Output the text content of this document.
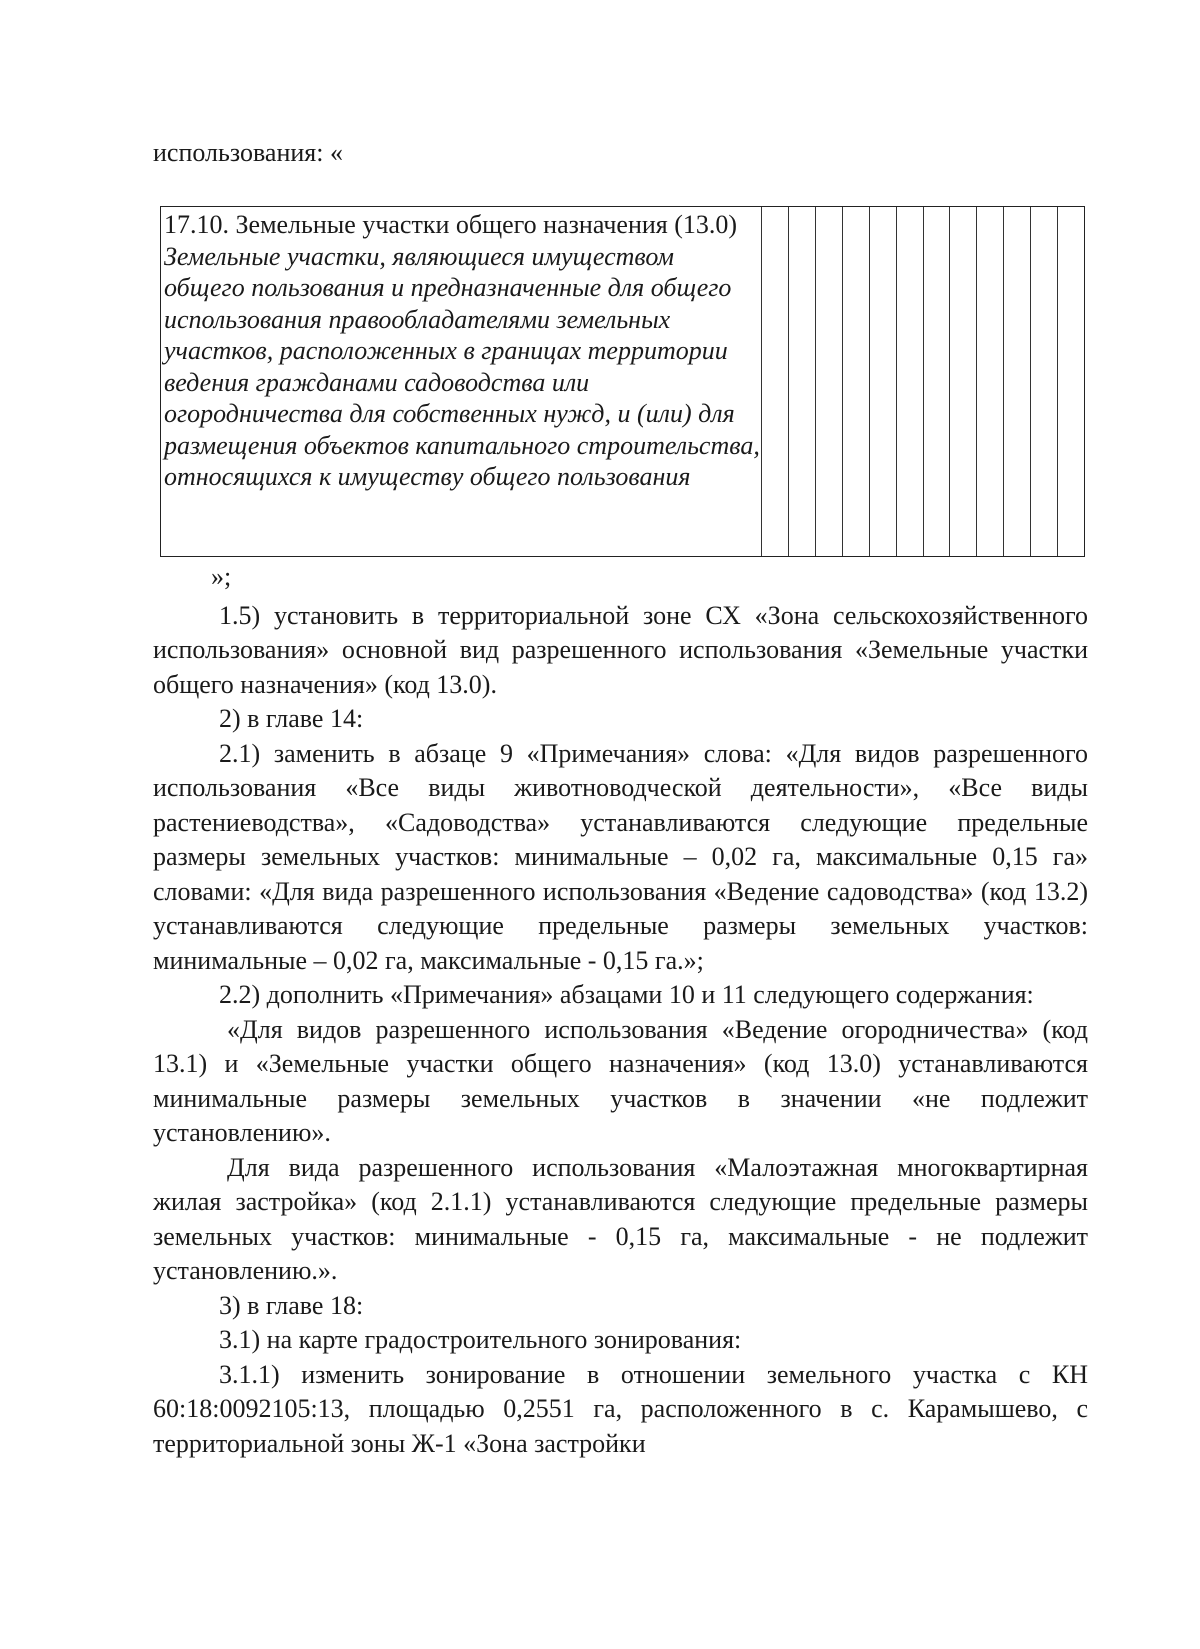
использования: «

17.10. Земельные участки общего назначения (13.0)
Земельные участки, являющиеся имуществом общего пользования и предназначенные для общего использования правообладателями земельных участков, расположенных в границах территории ведения гражданами садоводства или огородничества для собственных нужд, и (или) для размещения объектов капитального строительства, относящихся к имуществу общего пользования

»;

1.5) установить в территориальной зоне СХ «Зона сельскохозяйственного использования» основной вид разрешенного использования «Земельные участки общего назначения» (код 13.0).

2) в главе 14:

2.1) заменить в абзаце 9 «Примечания» слова: «Для видов разрешенного использования «Все виды животноводческой деятельности», «Все виды растениеводства», «Садоводства» устанавливаются следующие предельные размеры земельных участков: минимальные – 0,02 га, максимальные 0,15 га» словами: «Для вида разрешенного использования «Ведение садоводства» (код 13.2) устанавливаются следующие предельные размеры земельных участков: минимальные – 0,02 га, максимальные - 0,15 га.»;

2.2) дополнить «Примечания» абзацами 10 и 11 следующего содержания:

«Для видов разрешенного использования «Ведение огородничества» (код 13.1) и «Земельные участки общего назначения» (код 13.0) устанавливаются минимальные размеры земельных участков в значении «не подлежит установлению».

Для вида разрешенного использования «Малоэтажная многоквартирная жилая застройка» (код 2.1.1) устанавливаются следующие предельные размеры земельных участков: минимальные - 0,15 га, максимальные - не подлежит установлению.».

3) в главе 18:

3.1) на карте градостроительного зонирования:

3.1.1) изменить зонирование в отношении земельного участка с КН 60:18:0092105:13, площадью 0,2551 га, расположенного в с. Карамышево, с территориальной зоны Ж-1 «Зона застройки
